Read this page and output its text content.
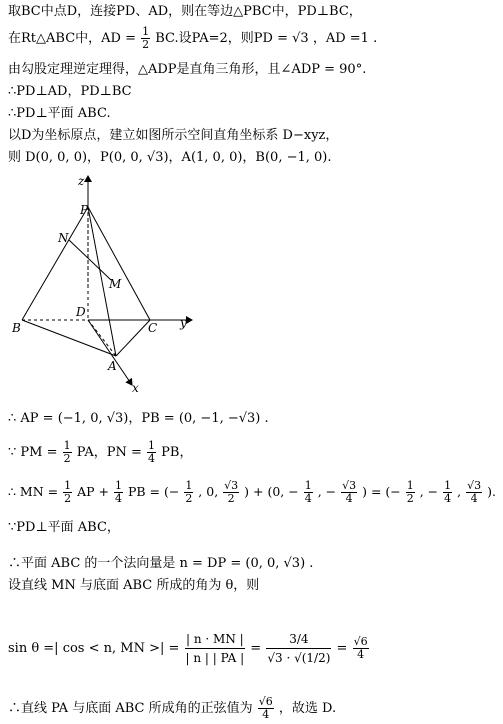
取BC中点D，连接PD、AD，则在等边△PBC中，PD⊥BC，
在Rt△ABC中，AD = $\frac{1}{2}$ BC.设PA=2，则PD = √3 ，AD =1 .
由勾股定理逆定理得，△ADP是直角三角形，且∠ADP = 90°.
∴PD⊥AD，PD⊥BC
∴PD⊥平面 ABC.
以D为坐标原点，建立如图所示空间直角坐标系 D−xyz，
则 D(0, 0, 0)，P(0, 0, √3)，A(1, 0, 0)，B(0, −1, 0).
z
y
x
P
N
M
D
B	C
A
∴ AP = (−1, 0, √3)，PB = (0, −1, −√3) .
∵ PM = $\frac{1}{2}$ PA，PN = $\frac{1}{4}$ PB，
∴ MN = $\frac{1}{2}$ AP + $\frac{1}{4}$ PB = (− $\frac{1}{2}$ , 0, $\frac{√3}{2}$ ) + (0, − $\frac{1}{4}$ , − $\frac{√3}{4}$ ) = (− $\frac{1}{2}$ , − $\frac{1}{4}$ , $\frac{√3}{4}$ ).
∵PD⊥平面 ABC，
∴平面 ABC 的一个法向量是 n = DP = (0, 0, √3) .
设直线 MN 与底面 ABC 所成的角为 θ，则
sin θ =| cos < n, MN >| = $\frac{| n \cdot MN |}{| n | | PA |} = \frac{3/4}{√3 \cdot √(1/2)} = \frac{√6}{4}$
∴直线 PA 与底面 ABC 所成角的正弦值为 $\frac{√6}{4}$ ，故选 D.
